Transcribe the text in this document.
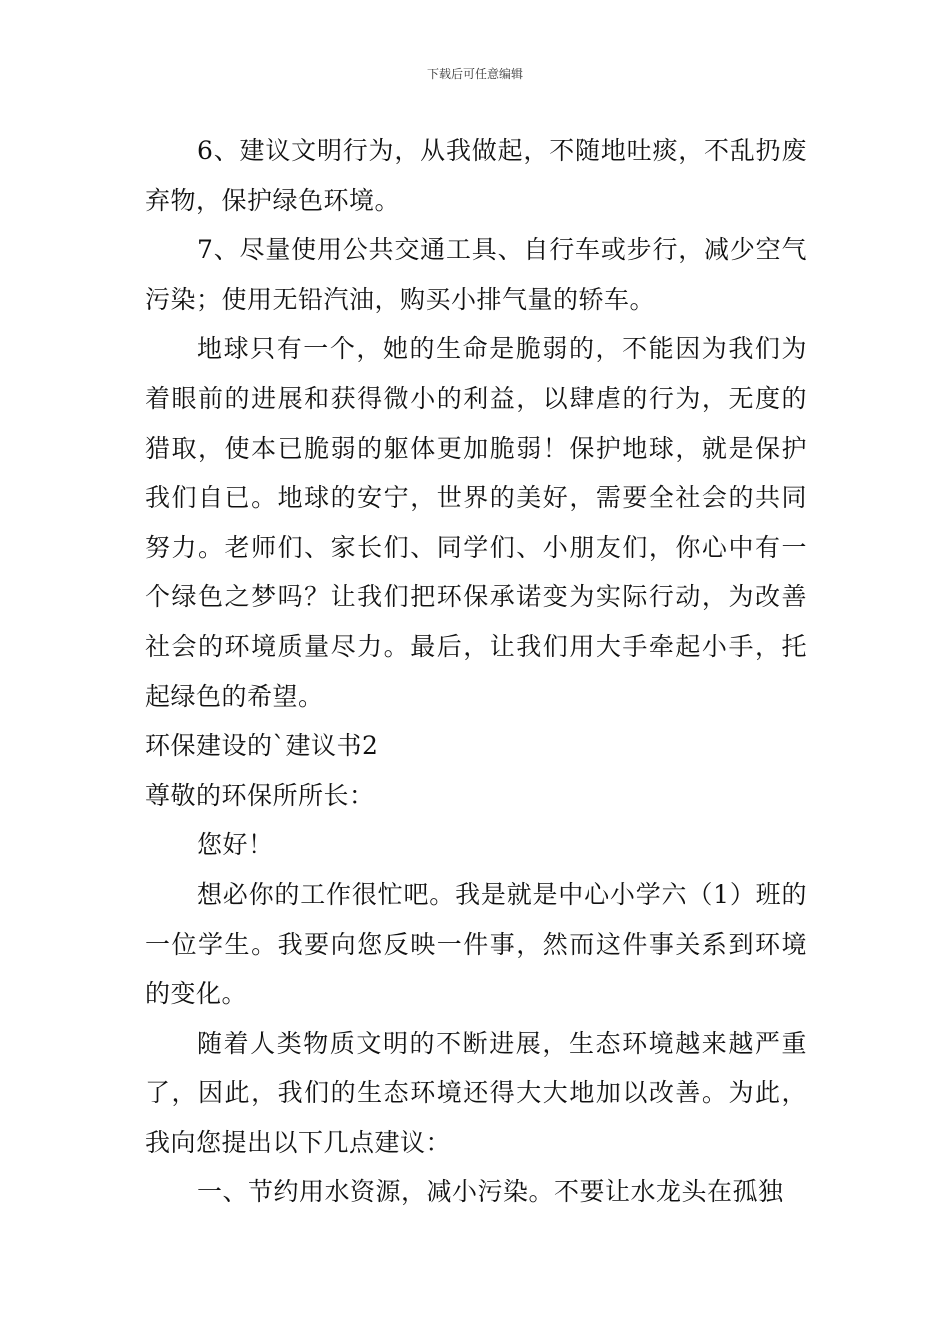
下载后可任意编辑

6、建议文明行为，从我做起，不随地吐痰，不乱扔废弃物，保护绿色环境。

7、尽量使用公共交通工具、自行车或步行，减少空气污染；使用无铅汽油，购买小排气量的轿车。

地球只有一个，她的生命是脆弱的，不能因为我们为着眼前的进展和获得微小的利益，以肆虐的行为，无度的猎取，使本已脆弱的躯体更加脆弱！保护地球，就是保护我们自已。地球的安宁，世界的美好，需要全社会的共同努力。老师们、家长们、同学们、小朋友们，你心中有一个绿色之梦吗？让我们把环保承诺变为实际行动，为改善社会的环境质量尽力。最后，让我们用大手牵起小手，托起绿色的希望。

环保建设的`建议书2

尊敬的环保所所长：

您好！

想必你的工作很忙吧。我是就是中心小学六（1）班的一位学生。我要向您反映一件事，然而这件事关系到环境的变化。

随着人类物质文明的不断进展，生态环境越来越严重了，因此，我们的生态环境还得大大地加以改善。为此，我向您提出以下几点建议：

一、节约用水资源，减小污染。不要让水龙头在孤独
